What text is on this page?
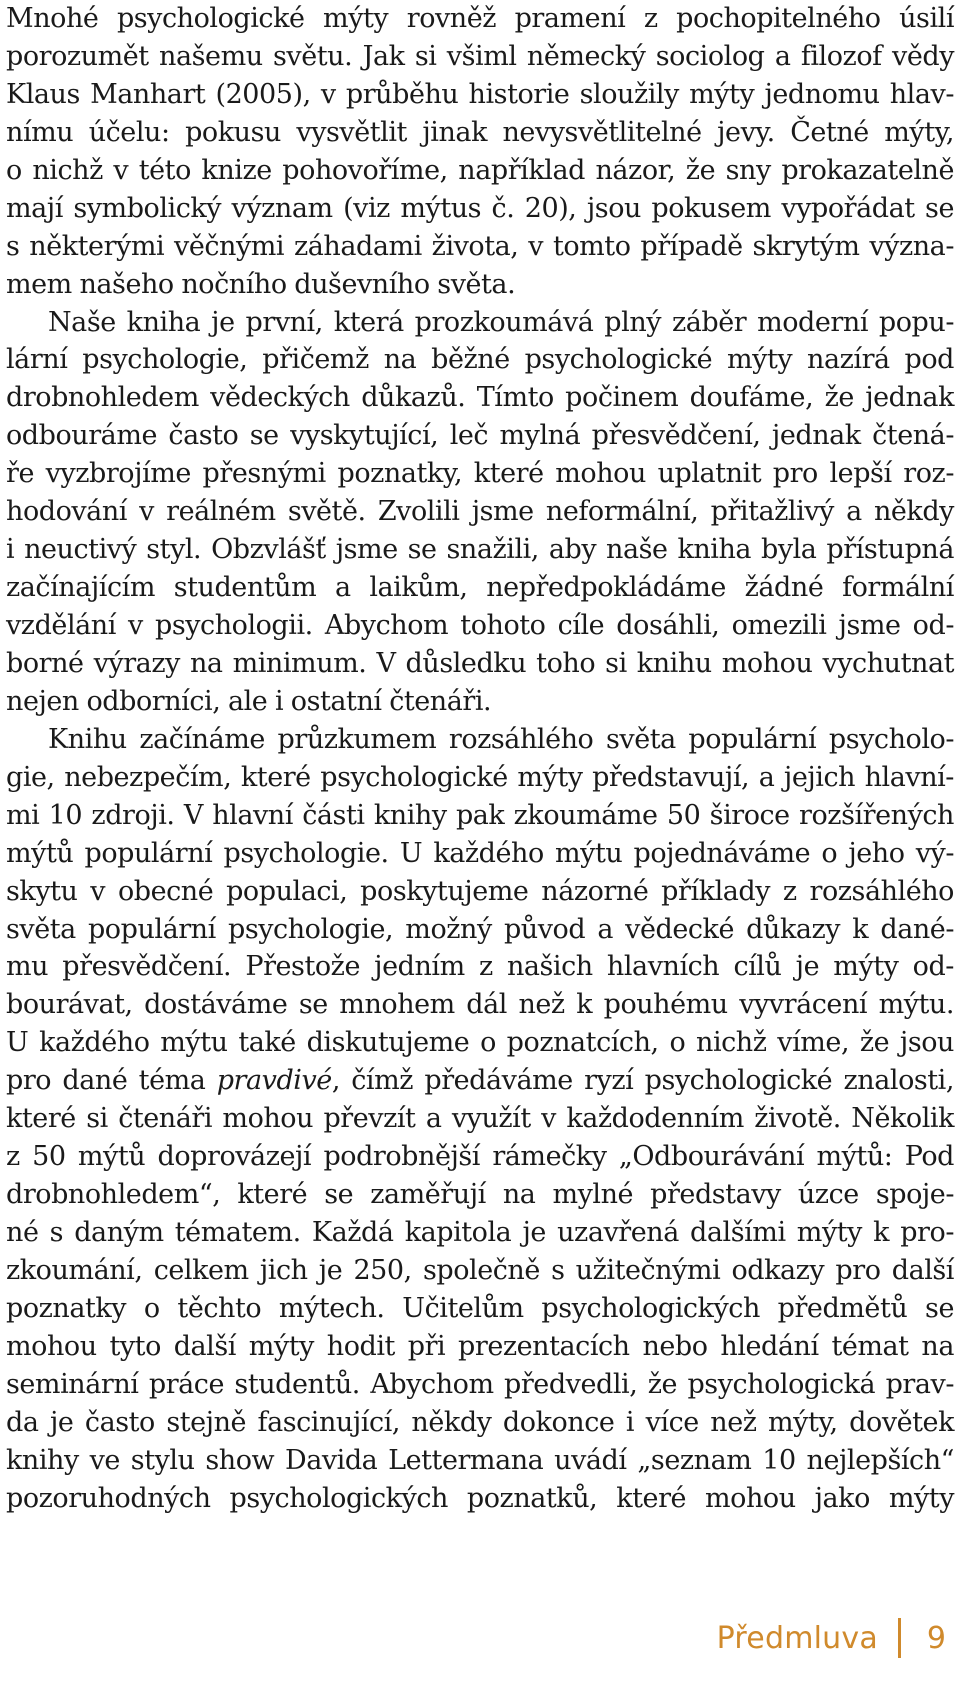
Mnohé psychologické mýty rovněž pramení z pochopitelného úsilí
porozumět našemu světu. Jak si všiml německý sociolog a filozof vědy
Klaus Manhart (2005), v průběhu historie sloužily mýty jednomu hlav-
nímu účelu: pokusu vysvětlit jinak nevysvětlitelné jevy. Četné mýty,
o nichž v této knize pohovoříme, například názor, že sny prokazatelně
mají symbolický význam (viz mýtus č. 20), jsou pokusem vypořádat se
s některými věčnými záhadami života, v tomto případě skrytým význa-
mem našeho nočního duševního světa.
Naše kniha je první, která prozkoumává plný záběr moderní popu-
lární psychologie, přičemž na běžné psychologické mýty nazírá pod
drobnohledem vědeckých důkazů. Tímto počinem doufáme, že jednak
odbouráme často se vyskytující, leč mylná přesvědčení, jednak čtená-
ře vyzbrojíme přesnými poznatky, které mohou uplatnit pro lepší roz-
hodování v reálném světě. Zvolili jsme neformální, přitažlivý a někdy
i neuctivý styl. Obzvlášť jsme se snažili, aby naše kniha byla přístupná
začínajícím studentům a laikům, nepředpokládáme žádné formální
vzdělání v psychologii. Abychom tohoto cíle dosáhli, omezili jsme od-
borné výrazy na minimum. V důsledku toho si knihu mohou vychutnat
nejen odborníci, ale i ostatní čtenáři.
Knihu začínáme průzkumem rozsáhlého světa populární psycholo-
gie, nebezpečím, které psychologické mýty představují, a jejich hlavní-
mi 10 zdroji. V hlavní části knihy pak zkoumáme 50 široce rozšířených
mýtů populární psychologie. U každého mýtu pojednáváme o jeho vý-
skytu v obecné populaci, poskytujeme názorné příklady z rozsáhlého
světa populární psychologie, možný původ a vědecké důkazy k dané-
mu přesvědčení. Přestože jedním z našich hlavních cílů je mýty od-
bourávat, dostáváme se mnohem dál než k pouhému vyvrácení mýtu.
U každého mýtu také diskutujeme o poznatcích, o nichž víme, že jsou
pro dané téma pravdivé, čímž předáváme ryzí psychologické znalosti,
které si čtenáři mohou převzít a využít v každodenním životě. Několik
z 50 mýtů doprovázejí podrobnější rámečky „Odbourávání mýtů: Pod
drobnohledem“, které se zaměřují na mylné představy úzce spoje-
né s daným tématem. Každá kapitola je uzavřená dalšími mýty k pro-
zkoumání, celkem jich je 250, společně s užitečnými odkazy pro další
poznatky o těchto mýtech. Učitelům psychologických předmětů se
mohou tyto další mýty hodit při prezentacích nebo hledání témat na
seminární práce studentů. Abychom předvedli, že psychologická prav-
da je často stejně fascinující, někdy dokonce i více než mýty, dovětek
knihy ve stylu show Davida Lettermana uvádí „seznam 10 nejlepších“
pozoruhodných psychologických poznatků, které mohou jako mýty
Předmluva 9
